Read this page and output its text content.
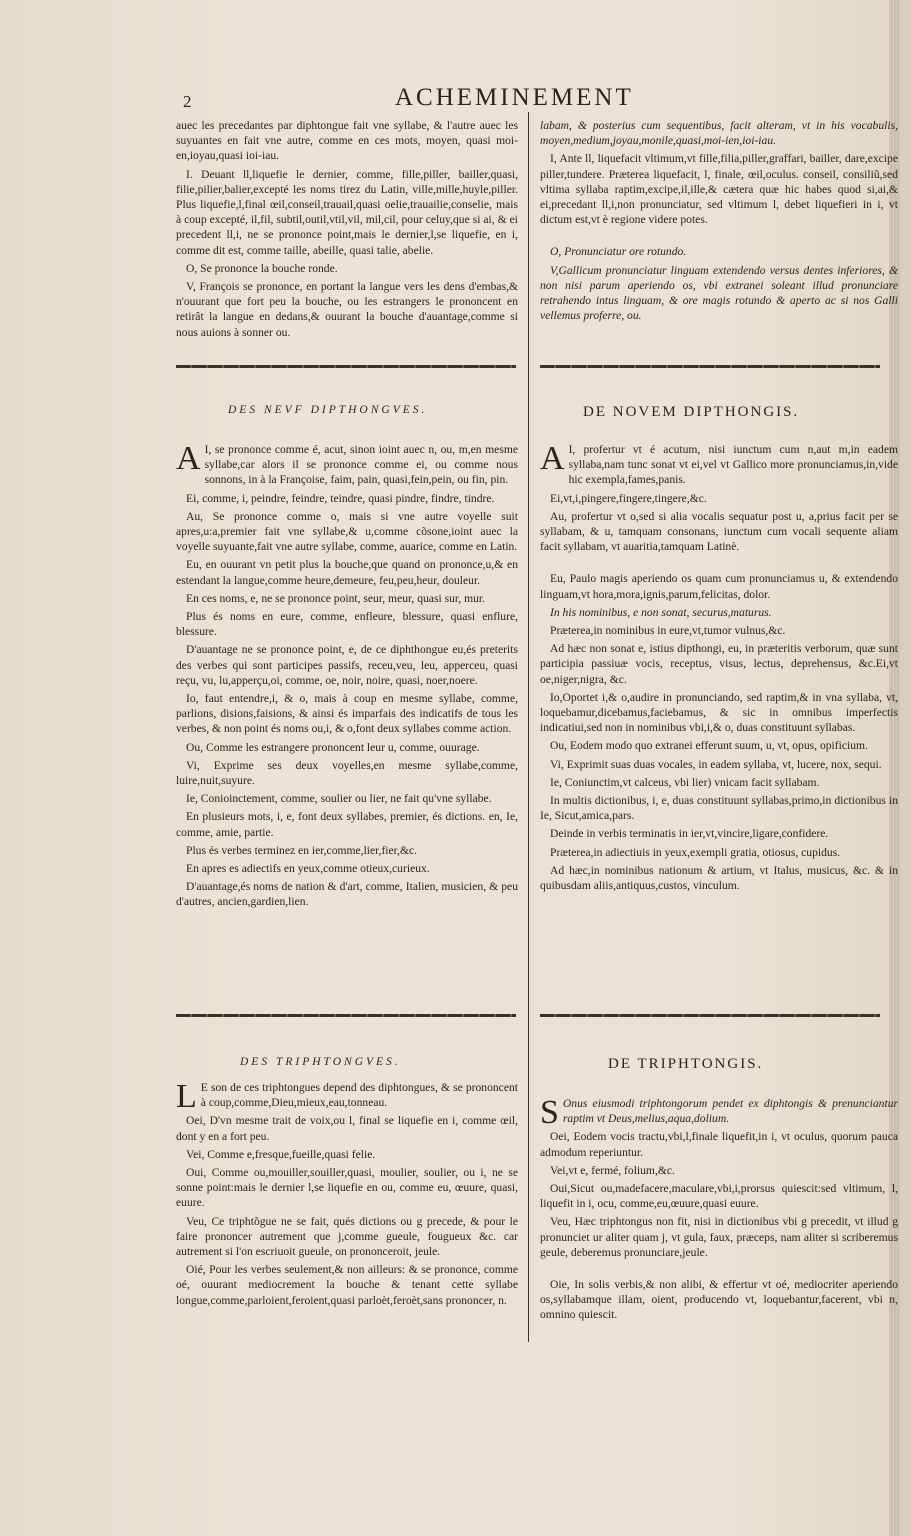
2	ACHEMINEMENT

auec les precedantes par diphtongue fait vne syllabe, & l'autre auec les suyuantes en fait vne autre, comme en ces mots, moyen, quasi moi-en,ioyau,quasi ioi-iau.

I. Deuant ll,liquefie le dernier, comme, fille,piller, bailler,quasi, filie,pilier,balier,excepté les noms tirez du Latin, ville,mille,huyle,piller. Plus liquefie,l,final œil,conseil,trauail,quasi oelie,trauailie,conselie, mais à coup excepté, il,fil, subtil,outil,vtil,vil, mil,cil, pour celuy,que si ai, & ei precedent ll,i, ne se prononce point,mais le dernier,l,se liquefie, en i, comme dit est, comme taille, abeille, quasi talie, abelie.

O, Se prononce la bouche ronde.

V, François se prononce, en portant la langue vers les dens d'embas,& n'ouurant que fort peu la bouche, ou les estrangers le prononcent en retirât la langue en dedans,& ouurant la bouche d'auantage,comme si nous auions à sonner ou.

labam, & posterius cum sequentibus, facit alteram, vt in his vocabulis, moyen,medium,joyau,monile,quasi,moi-ien,ioi-iau.

I, Ante ll, liquefacit vltimum,vt fille,filia,piller,graffari, bailler, dare,excipe piller,tundere. Præterea liquefacit, l, finale, œil,oculus. conseil, consiliũ,sed vltima syllaba raptim,excipe,il,ille,& cætera quæ hic habes quod si,ai,& ei,precedant ll,i,non pronunciatur, sed vltimum l, debet liquefieri in i, vt dictum est,vt è regione videre potes.

O, Pronunciatur ore rotundo.

V,Gallicum pronunciatur linguam extendendo versus dentes inferiores, & non nisi parum aperiendo os, vbi extranei soleant illud pronunciare retrahendo intus linguam, & ore magis rotundo & aperto ac si nos Galli vellemus proferre, ou.

DES NEVF DIPTHONGVES.	DE NOVEM DIPTHONGIS.

A I, se prononce comme é, acut, sinon ioint auec n, ou, m,en mesme syllabe,car alors il se prononce comme ei, ou comme nous sonnons, in à la Françoise, faim, pain, quasi,fein,pein, ou fin, pin.

Ei, comme, i, peindre, feindre, teindre, quasi pindre, findre, tindre.

Au, Se prononce comme o, mais si vne autre voyelle suit apres,u:a,premier fait vne syllabe,& u,comme cõsone,ioint auec la voyelle suyuante,fait vne autre syllabe, comme, auarice, comme en Latin.

Eu, en ouurant vn petit plus la bouche,que quand on prononce,u,& en estendant la langue,comme heure,demeure, feu,peu,heur, douleur.

En ces noms, e, ne se prononce point, seur, meur, quasi sur, mur.

Plus és noms en eure, comme, enfleure, blessure, quasi enflure, blessure.

D'auantage ne se prononce point, e, de ce diphthongue eu,és preterits des verbes qui sont participes passifs, receu,veu, leu, apperceu, quasi reçu, vu, lu,apperçu,oi, comme, oe, noir, noire, quasi, noer,noere.

Io, faut entendre,i, & o, mais à coup en mesme syllabe, comme, parlions, disions,faisions, & ainsi és imparfais des indicatifs de tous les verbes, & non point és noms ou,i, & o,font deux syllabes comme action.

Ou, Comme les estrangere prononcent leur u, comme, ouurage.

Vi, Exprime ses deux voyelles,en mesme syllabe,comme, luire,nuit,suyure.

Ie, Conioinctement, comme, soulier ou lier, ne fait qu'vne syllabe.

En plusieurs mots, i, e, font deux syllabes, premier, és dictions. en, Ie, comme, amie, partie.

Plus és verbes terminez en ier,comme,lier,fier,&c.

En apres es adiectifs en yeux,comme otieux,curieux.

D'auantage,és noms de nation & d'art, comme, Italien, musicien, & peu d'autres, ancien,gardien,lien.

A I, profertur vt é acutum, nisi iunctum cum n,aut m,in eadem syllaba,nam tunc sonat vt ei,vel vt Gallico more pronunciamus,in,vide hic exempla,fames,panis.

Ei,vt,i,pingere,fingere,tingere,&c.

Au, profertur vt o,sed si alia vocalis sequatur post u, a,prius facit per se syllabam, & u, tamquam consonans, iunctum cum vocali sequente aliam facit syllabam, vt auaritia,tamquam Latinè.

Eu, Paulo magis aperiendo os quam cum pronunciamus u, & extendendo linguam,vt hora,mora,ignis,parum,felicitas, dolor.

In his nominibus, e non sonat, securus,maturus.

Præterea,in nominibus in eure,vt,tumor vulnus,&c.

Ad hæc non sonat e, istius dipthongi, eu, in præteritis verborum, quæ sunt participia passiuæ vocis, receptus, visus, lectus, deprehensus, &c.Ei,vt oe,niger,nigra, &c.

Io,Oportet i,& o,audire in pronunciando, sed raptim,& in vna syllaba, vt, loquebamur,dicebamus,faciebamus, & sic in omnibus imperfectis indicatiui,sed non in nominibus vbi,i,& o, duas constituunt syllabas.

Ou, Eodem modo quo extranei efferunt suum, u, vt, opus, opificium.

Vi, Exprimit suas duas vocales, in eadem syllaba, vt, lucere, nox, sequi.

Ie, Coniunctim,vt calceus, vbi lier) vnicam facit syllabam.

In multis dictionibus, i, e, duas constituunt syllabas,primo,in dictionibus in Ie, Sicut,amica,pars.

Deinde in verbis terminatis in ier,vt,vincire,ligare,confidere.

Præterea,in adiectiuis in yeux,exempli gratia, otiosus, cupidus.

Ad hæc,in nominibus nationum & artium, vt Italus, musicus, &c. & in quibusdam aliis,antiquus,custos, vinculum.

DES TRIPHTONGVES.	DE TRIPHTONGIS.

L E son de ces triphtongues depend des diphtongues, & se prononcent à coup,comme,Dieu,mieux,eau,tonneau.

Oei, D'vn mesme trait de voix,ou l, final se liquefie en i, comme œil, dont y en a fort peu.

Vei, Comme e,fresque,fueille,quasi felie.

Oui, Comme ou,mouiller,souiller,quasi, moulier, soulier, ou i, ne se sonne point:mais le dernier l,se liquefie en ou, comme eu, œuure, quasi, euure.

Veu, Ce triphtõgue ne se fait, qués dictions ou g precede, & pour le faire prononcer autrement que j,comme gueule, fougueux &c. car autrement si l'on escriuoit gueule, on prononceroit, jeule.

Oié, Pour les verbes seulement,& non ailleurs: & se prononce, comme oé, ouurant mediocrement la bouche & tenant cette syllabe longue,comme,parloient,feroient,quasi parloèt,feroèt,sans prononcer, n.

S Onus eiusmodi triphtongorum pendet ex diphtongis & prenunciantur raptim vt Deus,melius,aqua,dolium.

Oei, Eodem vocis tractu,vbi,l,finale liquefit,in i, vt oculus, quorum pauca admodum reperiuntur.

Vei,vt e, fermé, folium,&c.

Oui,Sicut ou,madefacere,maculare,vbi,i,prorsus quiescit:sed vltimum, l, liquefit in i, ocu, comme,eu,œuure,quasi euure.

Veu, Hæc triphtongus non fit, nisi in dictionibus vbi g precedit, vt illud g pronunciet ur aliter quam j, vt gula, faux, præceps, nam aliter si scriberemus geule, deberemus pronunciare,jeule.

Oie, In solis verbis,& non alibi, & effertur vt oé, mediocriter aperiendo os,syllabamque illam, oient, producendo vt, loquebantur,facerent, vbi n, omnino quiescit.
